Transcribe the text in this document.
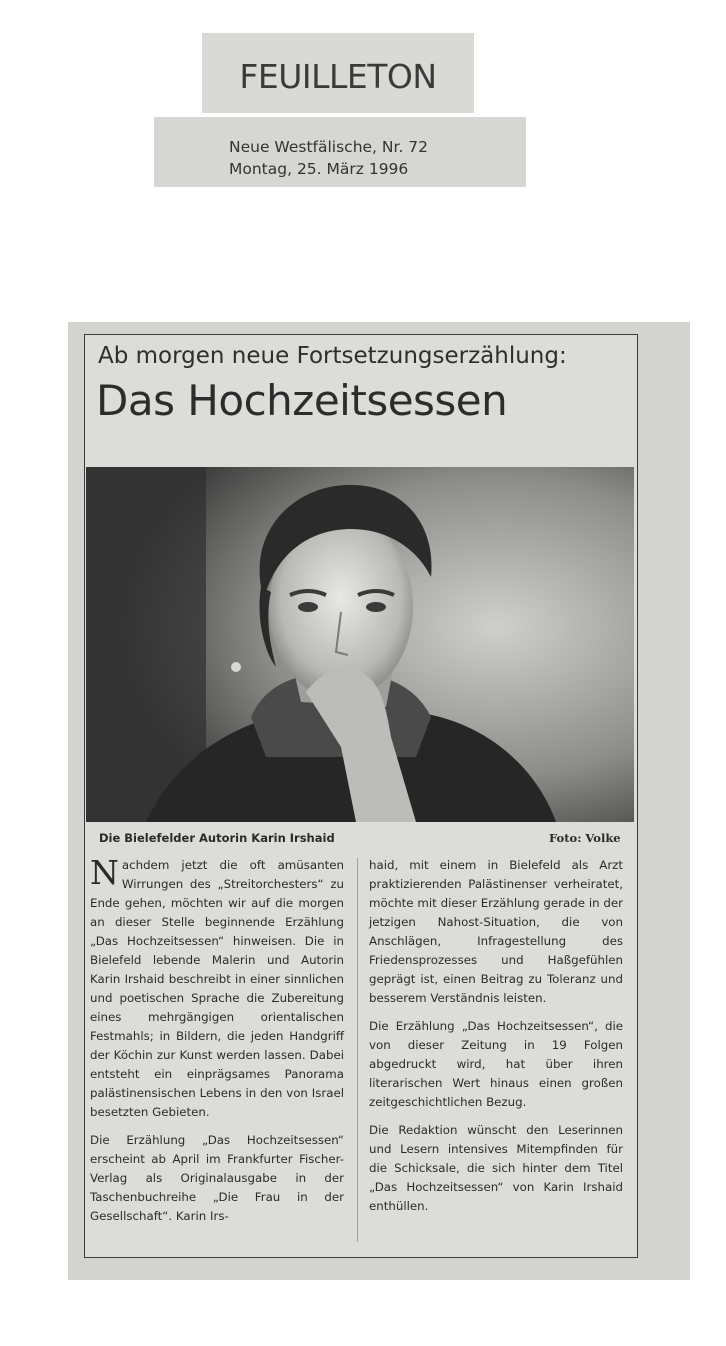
FEUILLETON
Neue Westfälische, Nr. 72
Montag, 25. März 1996
Ab morgen neue Fortsetzungserzählung:
Das Hochzeitsessen
Die Bielefelder Autorin Karin Irshaid	Foto: Volke

N achdem jetzt die oft amüsanten Wirrungen des „Streitorchesters“ zu Ende gehen, möchten wir auf die morgen an dieser Stelle beginnende Erzählung „Das Hochzeitsessen“ hinweisen. Die in Bielefeld lebende Malerin und Autorin Karin Irshaid beschreibt in einer sinnlichen und poetischen Sprache die Zubereitung eines mehrgängigen orientalischen Festmahls; in Bildern, die jeden Handgriff der Köchin zur Kunst werden lassen. Dabei entsteht ein einprägsames Panorama palästinensischen Lebens in den von Israel besetzten Gebieten.

Die Erzählung „Das Hochzeitsessen“ erscheint ab April im Frankfurter Fischer-Verlag als Originalausgabe in der Taschenbuchreihe „Die Frau in der Gesellschaft“. Karin Irs-

haid, mit einem in Bielefeld als Arzt praktizierenden Palästinenser verheiratet, möchte mit dieser Erzählung gerade in der jetzigen Nahost-Situation, die von Anschlägen, Infragestellung des Friedensprozesses und Haßgefühlen geprägt ist, einen Beitrag zu Toleranz und besserem Verständnis leisten.

Die Erzählung „Das Hochzeitsessen“, die von dieser Zeitung in 19 Folgen abgedruckt wird, hat über ihren literarischen Wert hinaus einen großen zeitgeschichtlichen Bezug.

Die Redaktion wünscht den Leserinnen und Lesern intensives Mitempfinden für die Schicksale, die sich hinter dem Titel „Das Hochzeitsessen“ von Karin Irshaid enthüllen.
